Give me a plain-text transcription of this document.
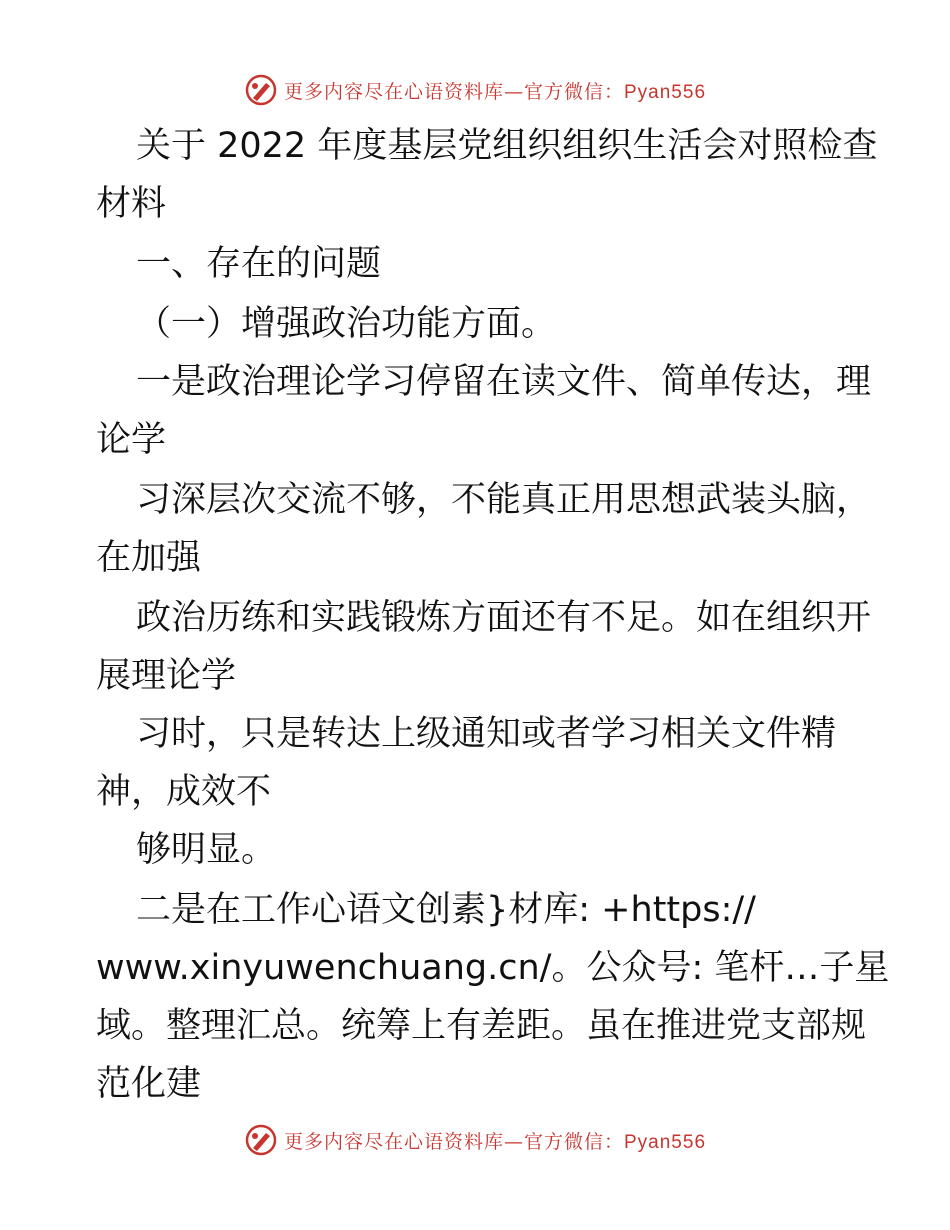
更多内容尽在心语资料库—官方微信：Pyan556
关于 2022 年度基层党组织组织生活会对照检查
材料
一、存在的问题
（一）增强政治功能方面。
一是政治理论学习停留在读文件、简单传达，理
论学
习深层次交流不够，不能真正用思想武装头脑，
在加强
政治历练和实践锻炼方面还有不足。如在组织开
展理论学
习时，只是转达上级通知或者学习相关文件精
神，成效不
够明显。
二是在工作心语文创素}材库: +https://
www.xinyuwenchuang.cn/。公众号: 笔杆…子星
域。整理汇总。统筹上有差距。虽在推进党支部规
范化建
更多内容尽在心语资料库—官方微信：Pyan556
